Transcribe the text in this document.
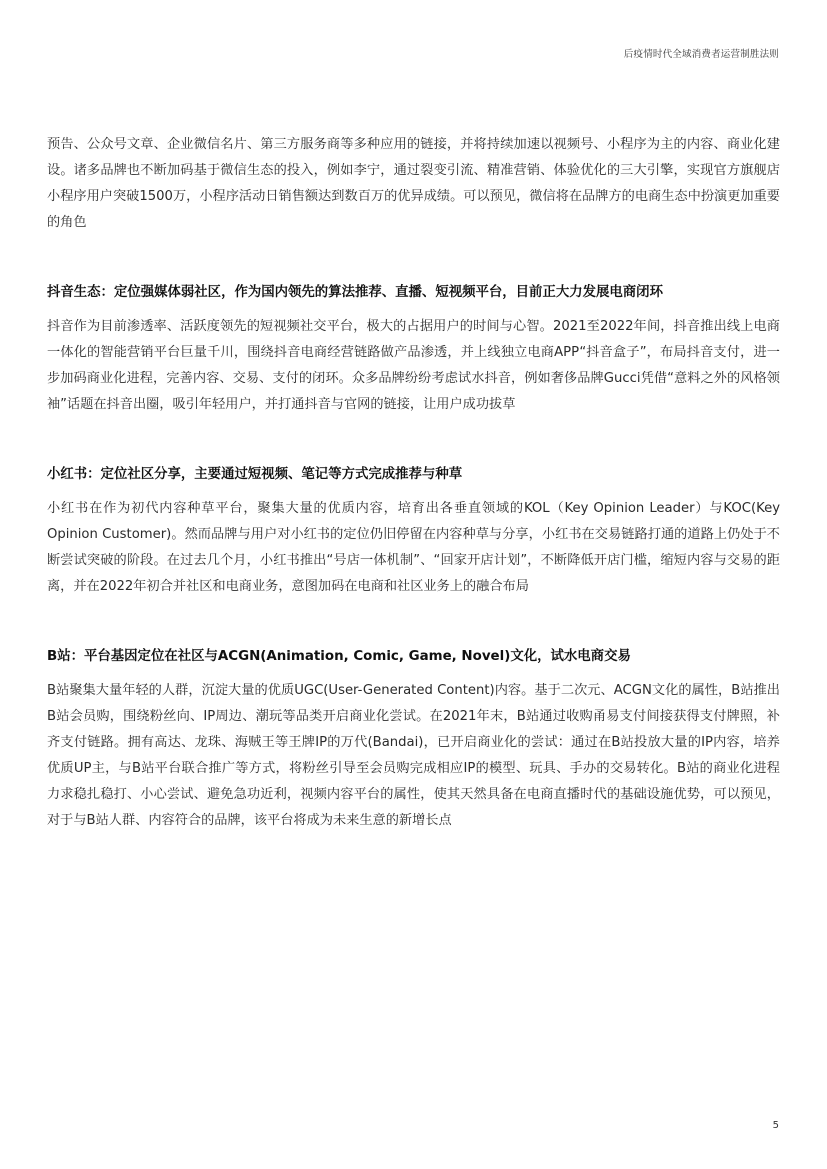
后疫情时代全域消费者运营制胜法则

预告、公众号文章、企业微信名片、第三方服务商等多种应用的链接，并将持续加速以视频号、小程序为主的内容、商业化建设。诸多品牌也不断加码基于微信生态的投入，例如李宁，通过裂变引流、精准营销、体验优化的三大引擎，实现官方旗舰店小程序用户突破1500万，小程序活动日销售额达到数百万的优异成绩。可以预见，微信将在品牌方的电商生态中扮演更加重要的角色

抖音生态：定位强媒体弱社区，作为国内领先的算法推荐、直播、短视频平台，目前正大力发展电商闭环

抖音作为目前渗透率、活跃度领先的短视频社交平台，极大的占据用户的时间与心智。2021至2022年间，抖音推出线上电商一体化的智能营销平台巨量千川，围绕抖音电商经营链路做产品渗透，并上线独立电商APP“抖音盒子”，布局抖音支付，进一步加码商业化进程，完善内容、交易、支付的闭环。众多品牌纷纷考虑试水抖音，例如奢侈品牌Gucci凭借“意料之外的风格领袖”话题在抖音出圈，吸引年轻用户，并打通抖音与官网的链接，让用户成功拔草

小红书：定位社区分享，主要通过短视频、笔记等方式完成推荐与种草

小红书在作为初代内容种草平台，聚集大量的优质内容，培育出各垂直领域的KOL（Key Opinion Leader）与KOC(Key Opinion Customer)。然而品牌与用户对小红书的定位仍旧停留在内容种草与分享，小红书在交易链路打通的道路上仍处于不断尝试突破的阶段。在过去几个月，小红书推出“号店一体机制”、“回家开店计划”，不断降低开店门槛，缩短内容与交易的距离，并在2022年初合并社区和电商业务，意图加码在电商和社区业务上的融合布局

B站：平台基因定位在社区与ACGN(Animation, Comic, Game, Novel)文化，试水电商交易

B站聚集大量年轻的人群，沉淀大量的优质UGC(User-Generated Content)内容。基于二次元、ACGN文化的属性，B站推出B站会员购，围绕粉丝向、IP周边、潮玩等品类开启商业化尝试。在2021年末，B站通过收购甬易支付间接获得支付牌照，补齐支付链路。拥有高达、龙珠、海贼王等王牌IP的万代(Bandai)，已开启商业化的尝试：通过在B站投放大量的IP内容，培养优质UP主，与B站平台联合推广等方式，将粉丝引导至会员购完成相应IP的模型、玩具、手办的交易转化。B站的商业化进程力求稳扎稳打、小心尝试、避免急功近利，视频内容平台的属性，使其天然具备在电商直播时代的基础设施优势，可以预见，对于与B站人群、内容符合的品牌，该平台将成为未来生意的新增长点

5
